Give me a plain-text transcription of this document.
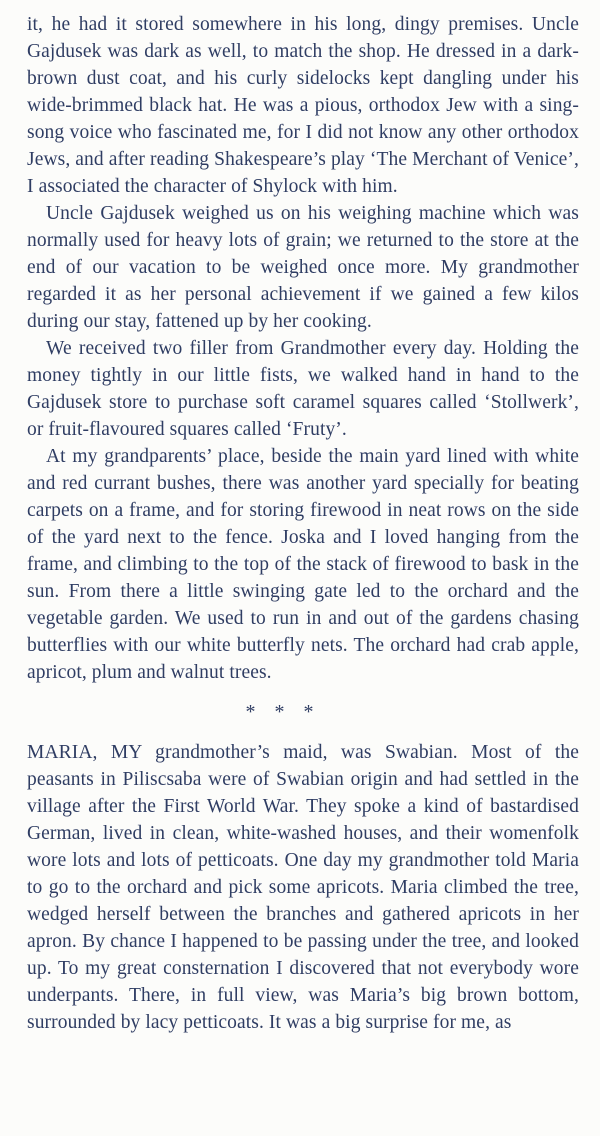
it, he had it stored somewhere in his long, dingy premises. Uncle Gajdusek was dark as well, to match the shop. He dressed in a dark-brown dust coat, and his curly sidelocks kept dangling under his wide-brimmed black hat. He was a pious, orthodox Jew with a sing-song voice who fascinated me, for I did not know any other orthodox Jews, and after reading Shakespeare’s play ‘The Merchant of Venice’, I associated the character of Shylock with him.

Uncle Gajdusek weighed us on his weighing machine which was normally used for heavy lots of grain; we returned to the store at the end of our vacation to be weighed once more. My grandmother regarded it as her personal achievement if we gained a few kilos during our stay, fattened up by her cooking.

We received two filler from Grandmother every day. Holding the money tightly in our little fists, we walked hand in hand to the Gajdusek store to purchase soft caramel squares called ‘Stollwerk’, or fruit-flavoured squares called ‘Fruty’.

At my grandparents’ place, beside the main yard lined with white and red currant bushes, there was another yard specially for beating carpets on a frame, and for storing firewood in neat rows on the side of the yard next to the fence. Joska and I loved hanging from the frame, and climbing to the top of the stack of firewood to bask in the sun. From there a little swinging gate led to the orchard and the vegetable garden. We used to run in and out of the gardens chasing butterflies with our white butterfly nets. The orchard had crab apple, apricot, plum and walnut trees.

* * *

MARIA, MY grandmother’s maid, was Swabian. Most of the peasants in Piliscsaba were of Swabian origin and had settled in the village after the First World War. They spoke a kind of bastardised German, lived in clean, white-washed houses, and their womenfolk wore lots and lots of petticoats. One day my grandmother told Maria to go to the orchard and pick some apricots. Maria climbed the tree, wedged herself between the branches and gathered apricots in her apron. By chance I happened to be passing under the tree, and looked up. To my great consternation I discovered that not everybody wore underpants. There, in full view, was Maria’s big brown bottom, surrounded by lacy petticoats. It was a big surprise for me, as
